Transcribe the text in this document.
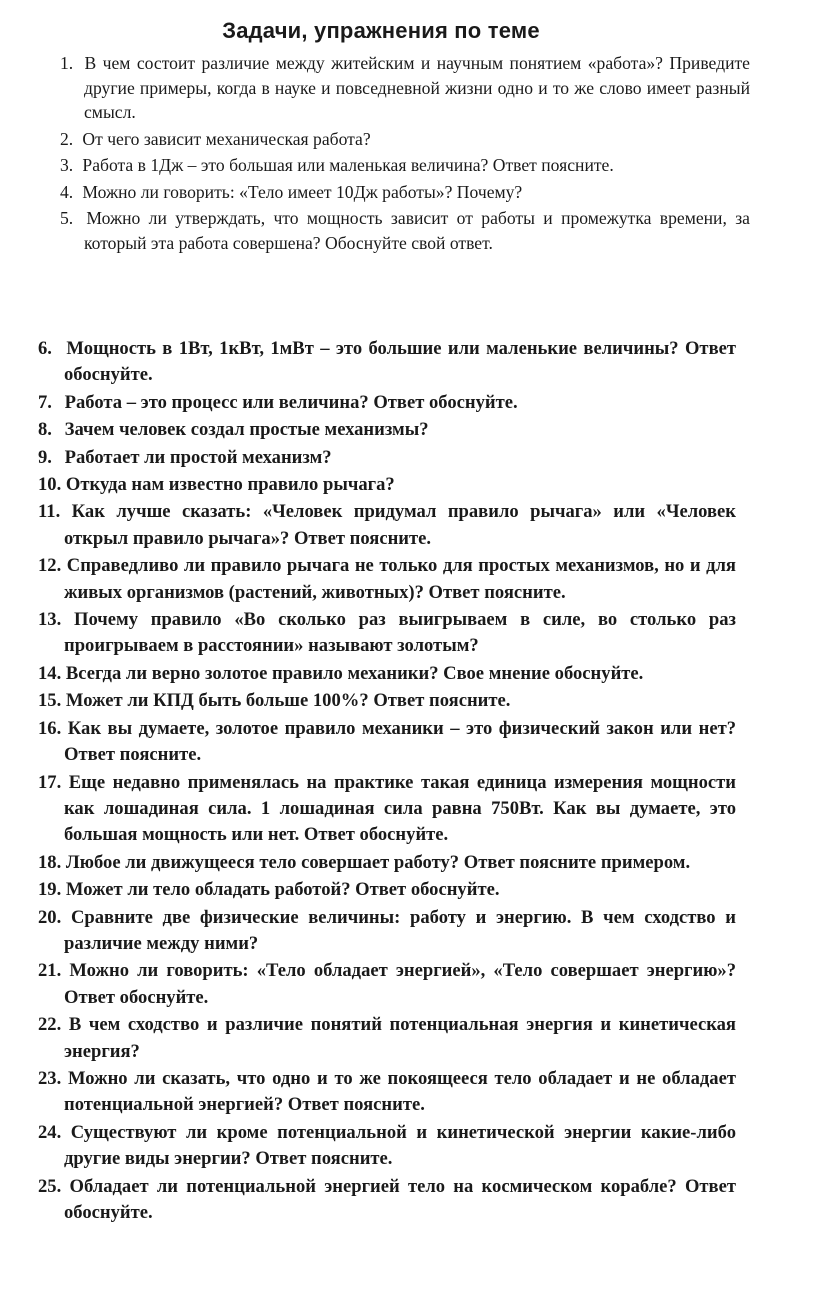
Задачи, упражнения по теме
1. В чем состоит различие между житейским и научным понятием «работа»? Приведите другие примеры, когда в науке и повседневной жизни одно и то же слово имеет разный смысл.
2. От чего зависит механическая работа?
3. Работа в 1Дж – это большая или маленькая величина? Ответ поясните.
4. Можно ли говорить: «Тело имеет 10Дж работы»? Почему?
5. Можно ли утверждать, что мощность зависит от работы и промежутка времени, за который эта работа совершена? Обоснуйте свой ответ.
6. Мощность в 1Вт, 1кВт, 1мВт – это большие или маленькие величины? Ответ обоснуйте.
7. Работа – это процесс или величина? Ответ обоснуйте.
8. Зачем человек создал простые механизмы?
9. Работает ли простой механизм?
10. Откуда нам известно правило рычага?
11. Как лучше сказать: «Человек придумал правило рычага» или «Человек открыл правило рычага»? Ответ поясните.
12. Справедливо ли правило рычага не только для простых механизмов, но и для живых организмов (растений, животных)? Ответ поясните.
13. Почему правило «Во сколько раз выигрываем в силе, во столько раз проигрываем в расстоянии» называют золотым?
14. Всегда ли верно золотое правило механики? Свое мнение обоснуйте.
15. Может ли КПД быть больше 100%? Ответ поясните.
16. Как вы думаете, золотое правило механики – это физический закон или нет? Ответ поясните.
17. Еще недавно применялась на практике такая единица измерения мощности как лошадиная сила. 1 лошадиная сила равна 750Вт. Как вы думаете, это большая мощность или нет. Ответ обоснуйте.
18. Любое ли движущееся тело совершает работу? Ответ поясните примером.
19. Может ли тело обладать работой? Ответ обоснуйте.
20. Сравните две физические величины: работу и энергию. В чем сходство и различие между ними?
21. Можно ли говорить: «Тело обладает энергией», «Тело совершает энергию»? Ответ обоснуйте.
22. В чем сходство и различие понятий потенциальная энергия и кинетическая энергия?
23. Можно ли сказать, что одно и то же покоящееся тело обладает и не обладает потенциальной энергией? Ответ поясните.
24. Существуют ли кроме потенциальной и кинетической энергии какие-либо другие виды энергии? Ответ поясните.
25. Обладает ли потенциальной энергией тело на космическом корабле? Ответ обоснуйте.
